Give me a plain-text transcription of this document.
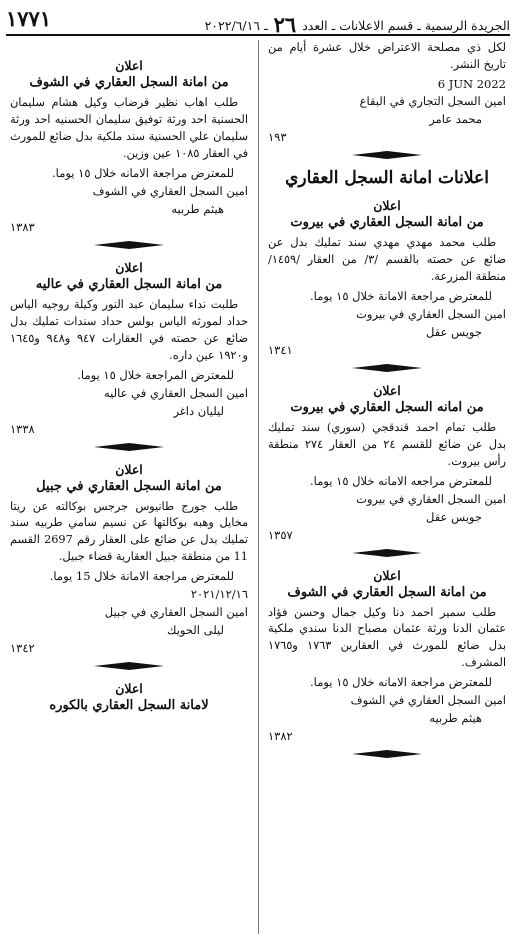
الجريدة الرسمية ـ قسم الاعلانات ـ العدد ٢٦ ـ ٢٠٢٢/٦/١٦
١٧٧١

لكل ذي مصلحة الاعتراض خلال عشرة أيام من تاريخ النشر.

6 JUN 2022
امين السجل التجاري في البقاع
محمد عامر
١٩٣
اعلانات امانة السجل العقاري
اعلان
من امانة السجل العقاري في بيروت

طلب محمد مهدي مهدي سند تمليك بدل عن ضائع عن حصته بالقسم /٣/ من العقار /١٤٥٩/ منطقة المزرعة.

للمعترض مراجعة الامانة خلال ١٥ يوما.
امين السجل العقاري في بيروت
جويس عقل
١٣٤١
اعلان
من امانه السجل العقاري في بيروت

طلب تمام احمد قندقجي (سوري) سند تمليك بدل عن ضائع للقسم ٢٤ من العقار ٢٧٤ منطقة رأس بيروت.

للمعترض مراجعه الامانه خلال ١٥ يوما.
امين السجل العقاري في بيروت
جويس عقل
١٣٥٧
اعلان
من امانة السجل العقاري في الشوف

طلب سمير احمد دنا وكيل جمال وحسن فؤاد عثمان الدنا ورثة عثمان مصباح الدنا سندي ملكية بدل ضائع للمورث في العقارين ١٧٦٣ و١٧٦٥ المشرف.

للمعترض مراجعة الامانه خلال ١٥ يوما.
امين السجل العقاري في الشوف
هيثم طربيه
١٣٨٢
اعلان
من امانة السجل العقاري في الشوف

طلب اهاب نظير قرضاب وكيل هشام سليمان الحسنية احد ورثة توفيق سليمان الحسنيه احد ورثة سليمان علي الحسنية سند ملكية بدل ضائع للمورث في العقار ١٠٨٥ عين وزين.

للمعترض مراجعة الامانه خلال ١٥ يوما.
امين السجل العقاري في الشوف
هيثم طربيه
١٣٨٣
اعلان
من امانة السجل العقاري في عاليه

طلبت نداء سليمان عبد النور وكيلة روجيه الياس حداد لمورثه الياس بولس حداد سندات تمليك بدل ضائع عن حصته في العقارات ٩٤٧ و٩٤٨ و١٦٤٥ و١٩٢٠ عين داره.

للمعترض المراجعة خلال ١٥ يوما.
امين السجل العقاري في عاليه
ليليان داغر
١٣٣٨
اعلان
من امانة السجل العقاري في جبيل

طلب جورج طانيوس جرجس بوكالته عن ريتا مخايل وهبه بوكالتها عن نسيم سامي طربيه سند تمليك بدل عن ضائع على العقار رقم 2697 القسم 11 من منطقة جبيل العقارية قضاء جبيل.

للمعترض مراجعة الامانة خلال 15 يوما.
٢٠٢١/١٢/١٦
امين السجل العقاري في جبيل
ليلى الحويك
١٣٤٢
اعلان
لامانة السجل العقاري بالكوره
